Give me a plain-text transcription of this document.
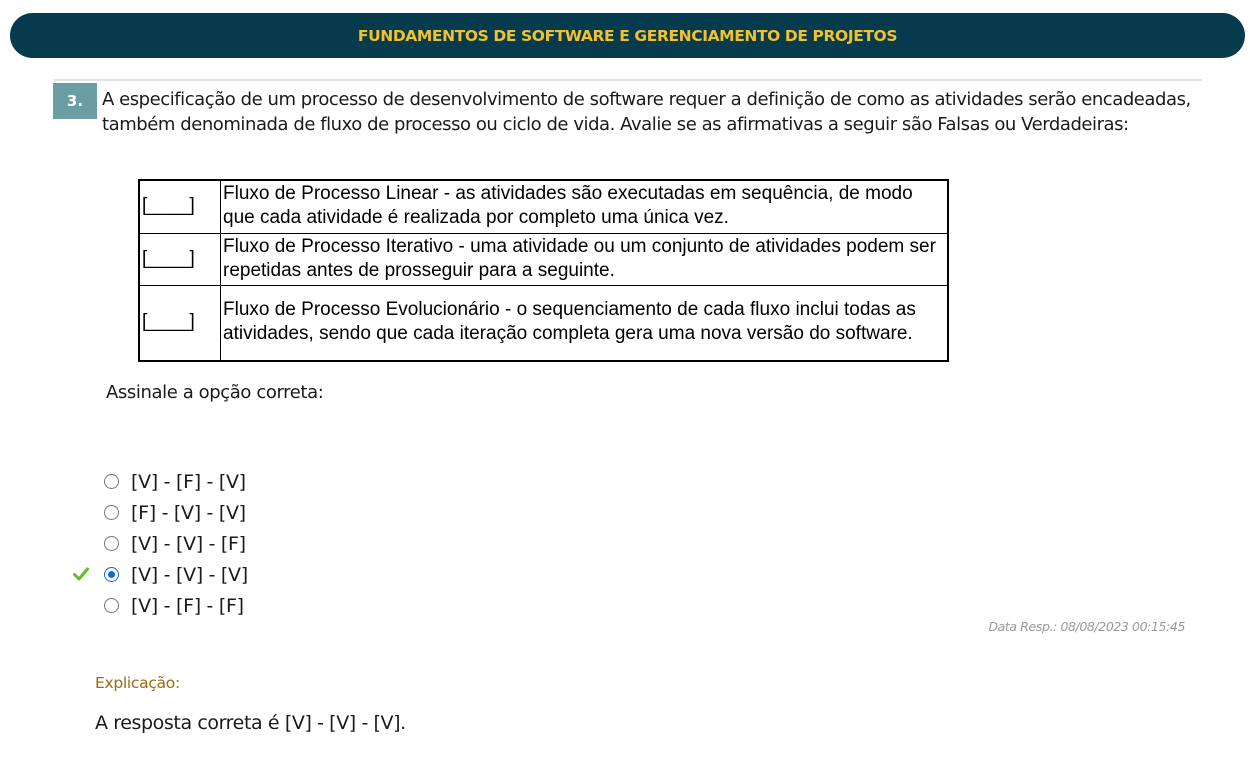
FUNDAMENTOS DE SOFTWARE E GERENCIAMENTO DE PROJETOS
3.	A especificação de um processo de desenvolvimento de software requer a definição de como as atividades serão encadeadas, também denominada de fluxo de processo ou ciclo de vida. Avalie se as afirmativas a seguir são Falsas ou Verdadeiras:
[____]	Fluxo de Processo Linear - as atividades são executadas em sequência, de modo que cada atividade é realizada por completo uma única vez.
[____]	Fluxo de Processo Iterativo - uma atividade ou um conjunto de atividades podem ser repetidas antes de prosseguir para a seguinte.
[____]	Fluxo de Processo Evolucionário - o sequenciamento de cada fluxo inclui todas as atividades, sendo que cada iteração completa gera uma nova versão do software.
Assinale a opção correta:
[V] - [F] - [V]
[F] - [V] - [V]
[V] - [V] - [F]
[V] - [V] - [V]
[V] - [F] - [F]
Data Resp.: 08/08/2023 00:15:45
Explicação:
A resposta correta é [V] - [V] - [V].
